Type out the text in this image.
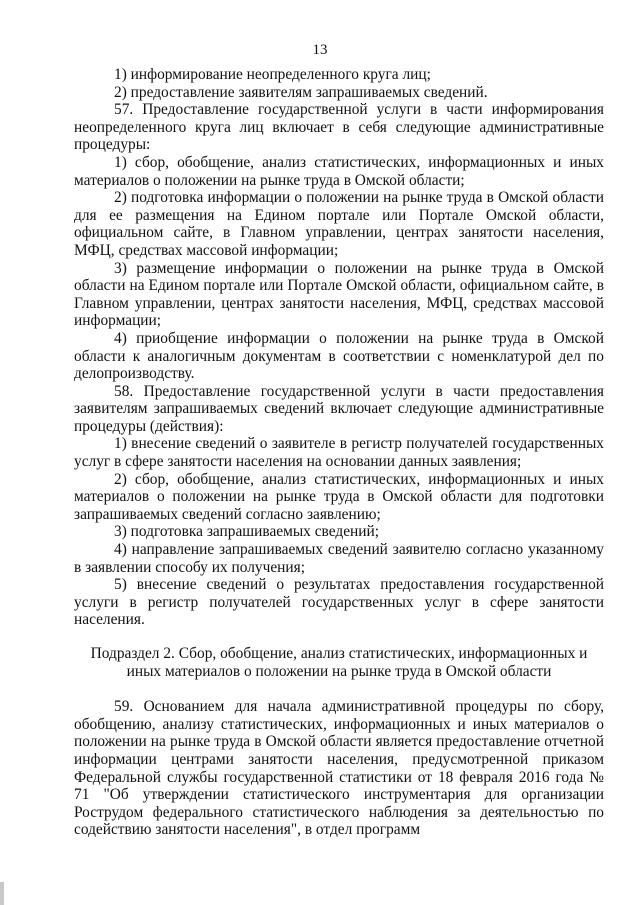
13

1) информирование неопределенного круга лиц;

2) предоставление заявителям запрашиваемых сведений.

57. Предоставление государственной услуги в части информирования неопределенного круга лиц включает в себя следующие административные процедуры:

1) сбор, обобщение, анализ статистических, информационных и иных материалов о положении на рынке труда в Омской области;

2) подготовка информации о положении на рынке труда в Омской области для ее размещения на Едином портале или Портале Омской области, официальном сайте, в Главном управлении, центрах занятости населения, МФЦ, средствах массовой информации;

3) размещение информации о положении на рынке труда в Омской области на Едином портале или Портале Омской области, официальном сайте, в Главном управлении, центрах занятости населения, МФЦ, средствах массовой информации;

4) приобщение информации о положении на рынке труда в Омской области к аналогичным документам в соответствии с номенклатурой дел по делопроизводству.

58. Предоставление государственной услуги в части предоставления заявителям запрашиваемых сведений включает следующие административные процедуры (действия):

1) внесение сведений о заявителе в регистр получателей государственных услуг в сфере занятости населения на основании данных заявления;

2) сбор, обобщение, анализ статистических, информационных и иных материалов о положении на рынке труда в Омской области для подготовки запрашиваемых сведений согласно заявлению;

3) подготовка запрашиваемых сведений;

4) направление запрашиваемых сведений заявителю согласно указанному в заявлении способу их получения;

5) внесение сведений о результатах предоставления государственной услуги в регистр получателей государственных услуг в сфере занятости населения.

Подраздел 2. Сбор, обобщение, анализ статистических, информационных и иных материалов о положении на рынке труда в Омской области

59. Основанием для начала административной процедуры по сбору, обобщению, анализу статистических, информационных и иных материалов о положении на рынке труда в Омской области является предоставление отчетной информации центрами занятости населения, предусмотренной приказом Федеральной службы государственной статистики от 18 февраля 2016 года № 71 "Об утверждении статистического инструментария для организации Рострудом федерального статистического наблюдения за деятельностью по содействию занятости населения", в отдел программ
